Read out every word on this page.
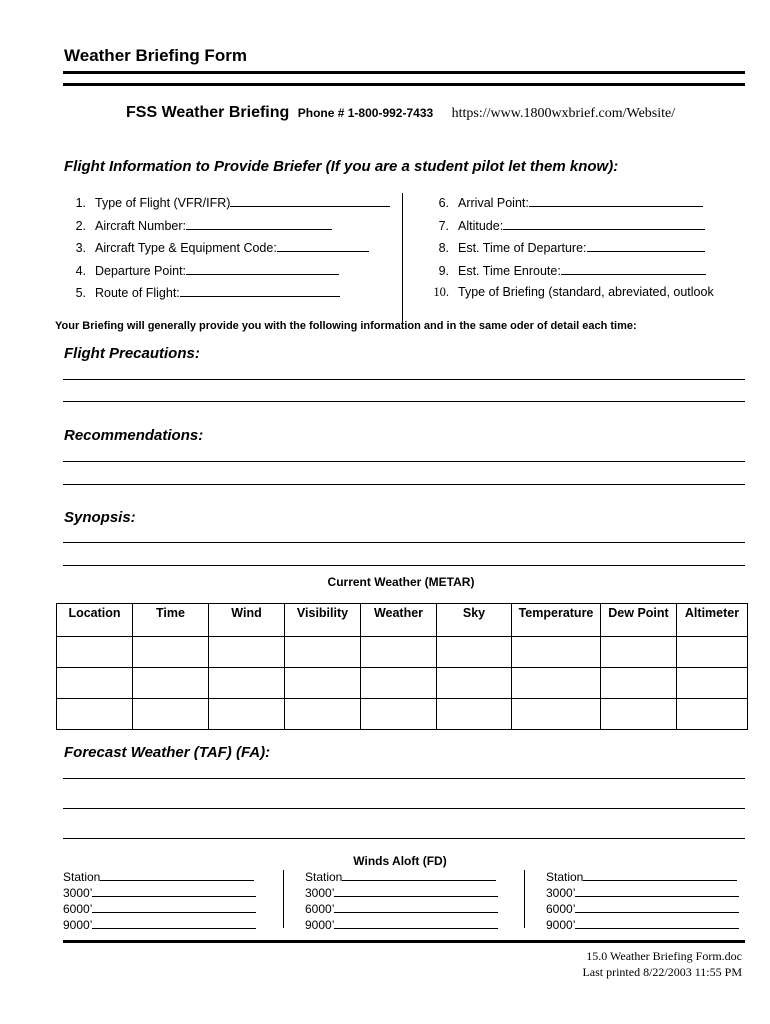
Weather Briefing Form
FSS Weather Briefing Phone # 1-800-992-7433 https://www.1800wxbrief.com/Website/
Flight Information to Provide Briefer (If you are a student pilot let them know):
1. Type of Flight (VFR/IFR)
2. Aircraft Number:
3. Aircraft Type & Equipment Code:
4. Departure Point:
5. Route of Flight:
6. Arrival Point:
7. Altitude:
8. Est. Time of Departure:
9. Est. Time Enroute:
10. Type of Briefing (standard, abreviated, outlook
Your Briefing will generally provide you with the following information and in the same oder of detail each time:
Flight Precautions:
Recommendations:
Synopsis:
Current Weather (METAR)
Location	Time	Wind	Visibility	Weather	Sky	Temperature	Dew Point	Altimeter

Forecast Weather (TAF) (FA):
Winds Aloft (FD)
Station
3000’
6000’
9000’
Station
3000’
6000’
9000’
Station
3000’
6000’
9000’
15.0 Weather Briefing Form.doc
Last printed 8/22/2003 11:55 PM
